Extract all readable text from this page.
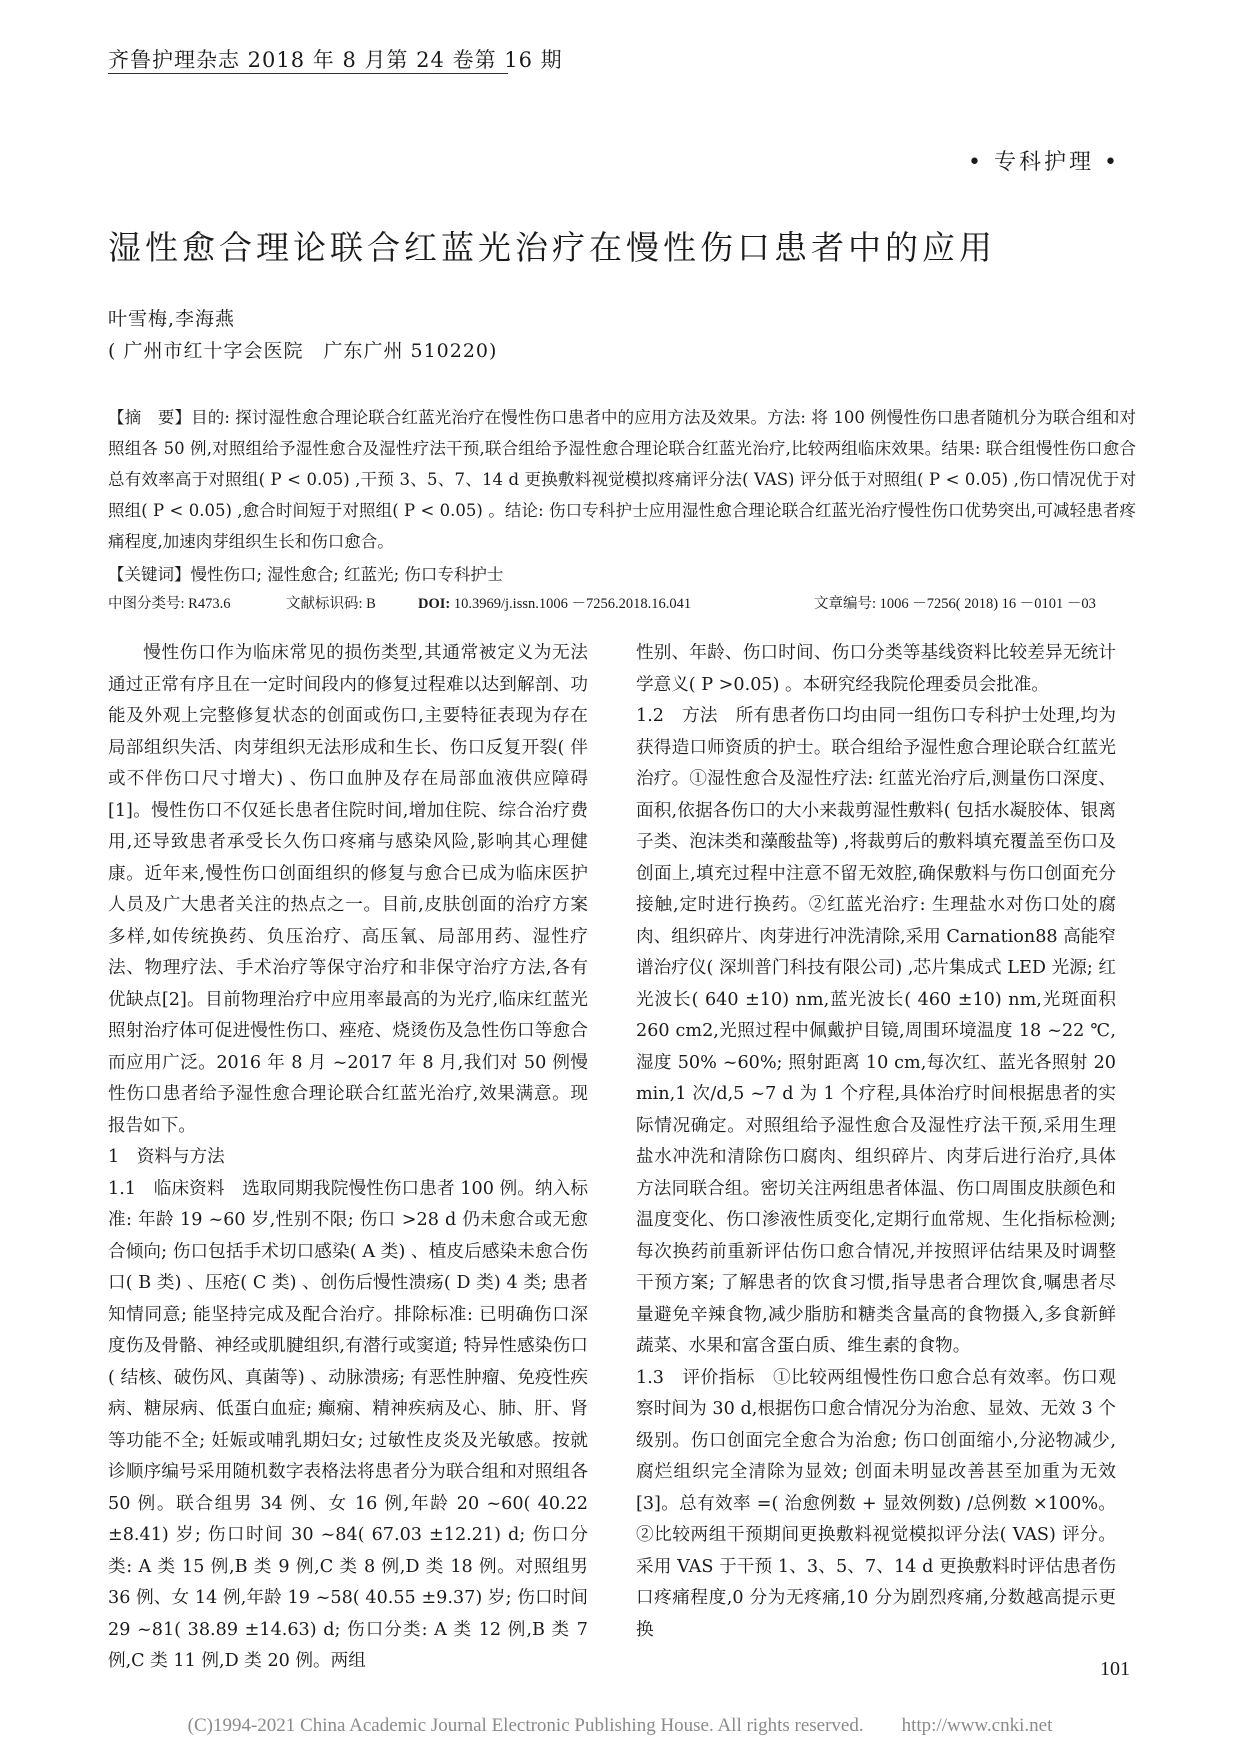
齐鲁护理杂志 2018 年 8 月第 24 卷第 16 期
• 专科护理 •
湿性愈合理论联合红蓝光治疗在慢性伤口患者中的应用
叶雪梅,李海燕
( 广州市红十字会医院　广东广州 510220)
【摘　要】目的: 探讨湿性愈合理论联合红蓝光治疗在慢性伤口患者中的应用方法及效果。方法: 将 100 例慢性伤口患者随机分为联合组和对照组各 50 例,对照组给予湿性愈合及湿性疗法干预,联合组给予湿性愈合理论联合红蓝光治疗,比较两组临床效果。结果: 联合组慢性伤口愈合总有效率高于对照组( P < 0.05) ,干预 3、5、7、14 d 更换敷料视觉模拟疼痛评分法( VAS) 评分低于对照组( P < 0.05) ,伤口情况优于对照组( P < 0.05) ,愈合时间短于对照组( P < 0.05) 。结论: 伤口专科护士应用湿性愈合理论联合红蓝光治疗慢性伤口优势突出,可减轻患者疼痛程度,加速肉芽组织生长和伤口愈合。
【关键词】慢性伤口; 湿性愈合; 红蓝光; 伤口专科护士
中图分类号: R473.6	文献标识码: B	DOI: 10.3969/j.issn.1006 －7256.2018.16.041	文章编号: 1006 －7256( 2018) 16 －0101 －03

慢性伤口作为临床常见的损伤类型,其通常被定义为无法通过正常有序且在一定时间段内的修复过程难以达到解剖、功能及外观上完整修复状态的创面或伤口,主要特征表现为存在局部组织失活、肉芽组织无法形成和生长、伤口反复开裂( 伴或不伴伤口尺寸增大) 、伤口血肿及存在局部血液供应障碍[1]。慢性伤口不仅延长患者住院时间,增加住院、综合治疗费用,还导致患者承受长久伤口疼痛与感染风险,影响其心理健康。近年来,慢性伤口创面组织的修复与愈合已成为临床医护人员及广大患者关注的热点之一。目前,皮肤创面的治疗方案多样,如传统换药、负压治疗、高压氧、局部用药、湿性疗法、物理疗法、手术治疗等保守治疗和非保守治疗方法,各有优缺点[2]。目前物理治疗中应用率最高的为光疗,临床红蓝光照射治疗体可促进慢性伤口、痤疮、烧烫伤及急性伤口等愈合而应用广泛。2016 年 8 月 ~2017 年 8 月,我们对 50 例慢性伤口患者给予湿性愈合理论联合红蓝光治疗,效果满意。现报告如下。

1　资料与方法

1.1　临床资料　选取同期我院慢性伤口患者 100 例。纳入标准: 年龄 19 ~60 岁,性别不限; 伤口 >28 d 仍未愈合或无愈合倾向; 伤口包括手术切口感染( A 类) 、植皮后感染未愈合伤口( B 类) 、压疮( C 类) 、创伤后慢性溃疡( D 类) 4 类; 患者知情同意; 能坚持完成及配合治疗。排除标准: 已明确伤口深度伤及骨骼、神经或肌腱组织,有潜行或窦道; 特异性感染伤口( 结核、破伤风、真菌等) 、动脉溃疡; 有恶性肿瘤、免疫性疾病、糖尿病、低蛋白血症; 癫痫、精神疾病及心、肺、肝、肾等功能不全; 妊娠或哺乳期妇女; 过敏性皮炎及光敏感。按就诊顺序编号采用随机数字表格法将患者分为联合组和对照组各 50 例。联合组男 34 例、女 16 例,年龄 20 ~60( 40.22 ±8.41) 岁; 伤口时间 30 ~84( 67.03 ±12.21) d; 伤口分类: A 类 15 例,B 类 9 例,C 类 8 例,D 类 18 例。对照组男 36 例、女 14 例,年龄 19 ~58( 40.55 ±9.37) 岁; 伤口时间 29 ~81( 38.89 ±14.63) d; 伤口分类: A 类 12 例,B 类 7 例,C 类 11 例,D 类 20 例。两组

性别、年龄、伤口时间、伤口分类等基线资料比较差异无统计学意义( P >0.05) 。本研究经我院伦理委员会批准。

1.2　方法　所有患者伤口均由同一组伤口专科护士处理,均为获得造口师资质的护士。联合组给予湿性愈合理论联合红蓝光治疗。①湿性愈合及湿性疗法: 红蓝光治疗后,测量伤口深度、面积,依据各伤口的大小来裁剪湿性敷料( 包括水凝胶体、银离子类、泡沫类和藻酸盐等) ,将裁剪后的敷料填充覆盖至伤口及创面上,填充过程中注意不留无效腔,确保敷料与伤口创面充分接触,定时进行换药。②红蓝光治疗: 生理盐水对伤口处的腐肉、组织碎片、肉芽进行冲洗清除,采用 Carnation88 高能窄谱治疗仪( 深圳普门科技有限公司) ,芯片集成式 LED 光源; 红光波长( 640 ±10) nm,蓝光波长( 460 ±10) nm,光斑面积 260 cm2,光照过程中佩戴护目镜,周围环境温度 18 ~22 ℃,湿度 50% ~60%; 照射距离 10 cm,每次红、蓝光各照射 20 min,1 次/d,5 ~7 d 为 1 个疗程,具体治疗时间根据患者的实际情况确定。对照组给予湿性愈合及湿性疗法干预,采用生理盐水冲洗和清除伤口腐肉、组织碎片、肉芽后进行治疗,具体方法同联合组。密切关注两组患者体温、伤口周围皮肤颜色和温度变化、伤口渗液性质变化,定期行血常规、生化指标检测; 每次换药前重新评估伤口愈合情况,并按照评估结果及时调整干预方案; 了解患者的饮食习惯,指导患者合理饮食,嘱患者尽量避免辛辣食物,减少脂肪和糖类含量高的食物摄入,多食新鲜蔬菜、水果和富含蛋白质、维生素的食物。

1.3　评价指标　①比较两组慢性伤口愈合总有效率。伤口观察时间为 30 d,根据伤口愈合情况分为治愈、显效、无效 3 个级别。伤口创面完全愈合为治愈; 伤口创面缩小,分泌物减少,腐烂组织完全清除为显效; 创面未明显改善甚至加重为无效[3]。总有效率 =( 治愈例数 + 显效例数) /总例数 ×100%。②比较两组干预期间更换敷料视觉模拟评分法( VAS) 评分。采用 VAS 于干预 1、3、5、7、14 d 更换敷料时评估患者伤口疼痛程度,0 分为无疼痛,10 分为剧烈疼痛,分数越高提示更换

101
(C)1994-2021 China Academic Journal Electronic Publishing House. All rights reserved.　　http://www.cnki.net
